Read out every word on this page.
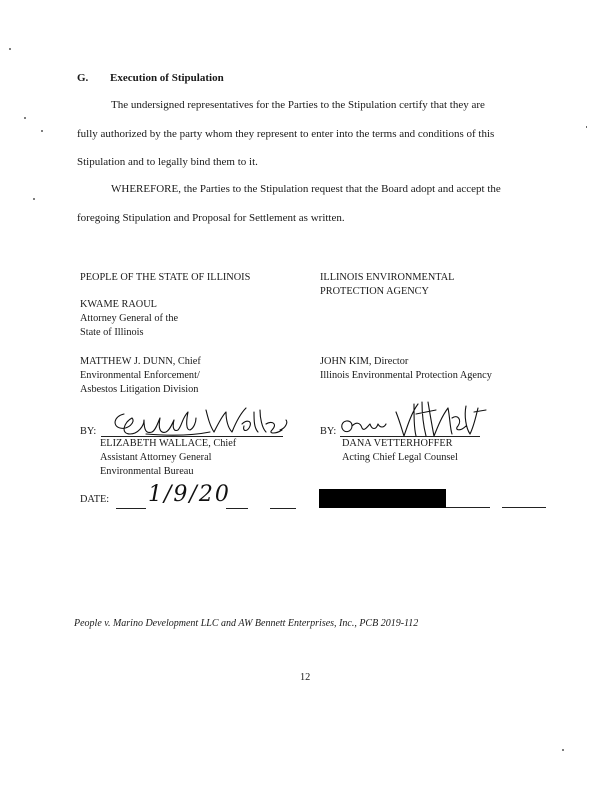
G. Execution of Stipulation
The undersigned representatives for the Parties to the Stipulation certify that they are
fully authorized by the party whom they represent to enter into the terms and conditions of this
Stipulation and to legally bind them to it.
WHEREFORE, the Parties to the Stipulation request that the Board adopt and accept the
foregoing Stipulation and Proposal for Settlement as written.
PEOPLE OF THE STATE OF ILLINOIS
KWAME RAOUL
Attorney General of the
State of Illinois
MATTHEW J. DUNN, Chief
Environmental Enforcement/
Asbestos Litigation Division
BY:
ELIZABETH WALLACE, Chief
Assistant Attorney General
Environmental Bureau
DATE: 1/9/20
ILLINOIS ENVIRONMENTAL
PROTECTION AGENCY
JOHN KIM, Director
Illinois Environmental Protection Agency
BY:
DANA VETTERHOFFER
Acting Chief Legal Counsel
People v. Marino Development LLC and AW Bennett Enterprises, Inc., PCB 2019-112
12
